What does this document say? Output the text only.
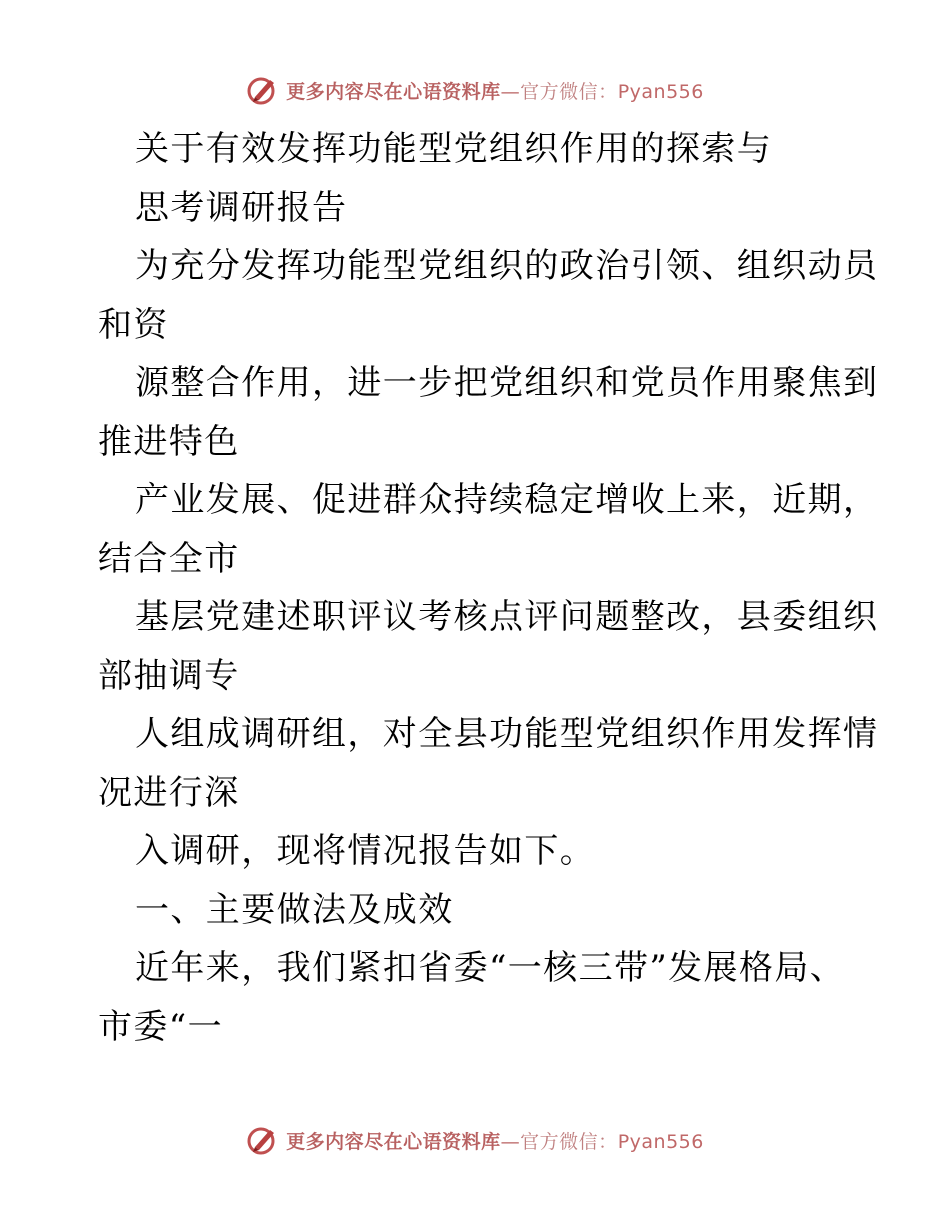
更多内容尽在心语资料库—官方微信：Pyan556
关于有效发挥功能型党组织作用的探索与
思考调研报告
为充分发挥功能型党组织的政治引领、组织动员
和资
源整合作用，进一步把党组织和党员作用聚焦到
推进特色
产业发展、促进群众持续稳定增收上来，近期，
结合全市
基层党建述职评议考核点评问题整改，县委组织
部抽调专
人组成调研组，对全县功能型党组织作用发挥情
况进行深
入调研，现将情况报告如下。
一、主要做法及成效
近年来，我们紧扣省委“一核三带”发展格局、
市委“一
更多内容尽在心语资料库—官方微信：Pyan556
